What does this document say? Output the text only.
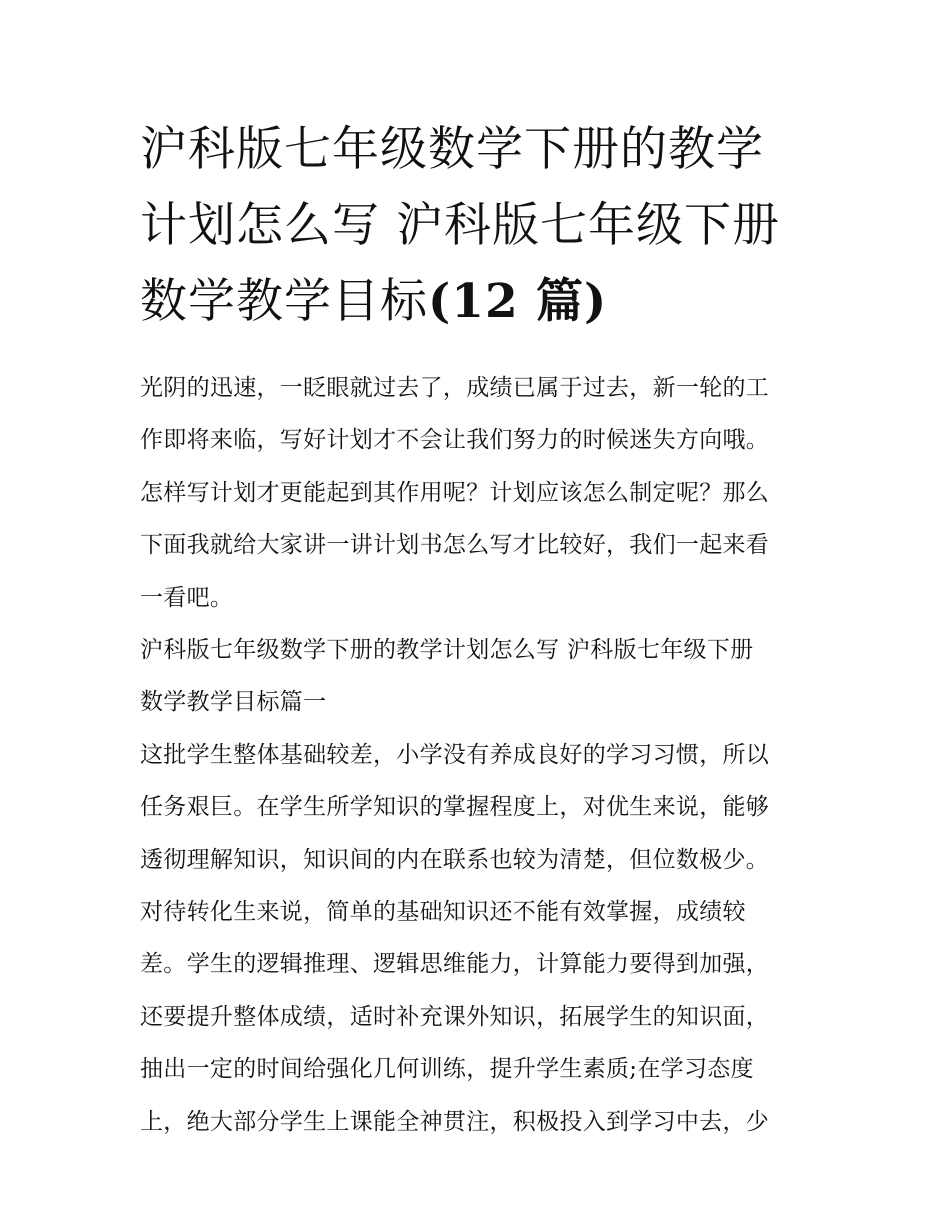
沪科版七年级数学下册的教学
计划怎么写 沪科版七年级下册
数学教学目标(12 篇)
光阴的迅速，一眨眼就过去了，成绩已属于过去，新一轮的工
作即将来临，写好计划才不会让我们努力的时候迷失方向哦。
怎样写计划才更能起到其作用呢？计划应该怎么制定呢？那么
下面我就给大家讲一讲计划书怎么写才比较好，我们一起来看
一看吧。
沪科版七年级数学下册的教学计划怎么写 沪科版七年级下册
数学教学目标篇一
这批学生整体基础较差，小学没有养成良好的学习习惯，所以
任务艰巨。在学生所学知识的掌握程度上，对优生来说，能够
透彻理解知识，知识间的内在联系也较为清楚，但位数极少。
对待转化生来说，简单的基础知识还不能有效掌握，成绩较
差。学生的逻辑推理、逻辑思维能力，计算能力要得到加强，
还要提升整体成绩，适时补充课外知识，拓展学生的知识面，
抽出一定的时间给强化几何训练，提升学生素质;在学习态度
上，绝大部分学生上课能全神贯注，积极投入到学习中去，少
